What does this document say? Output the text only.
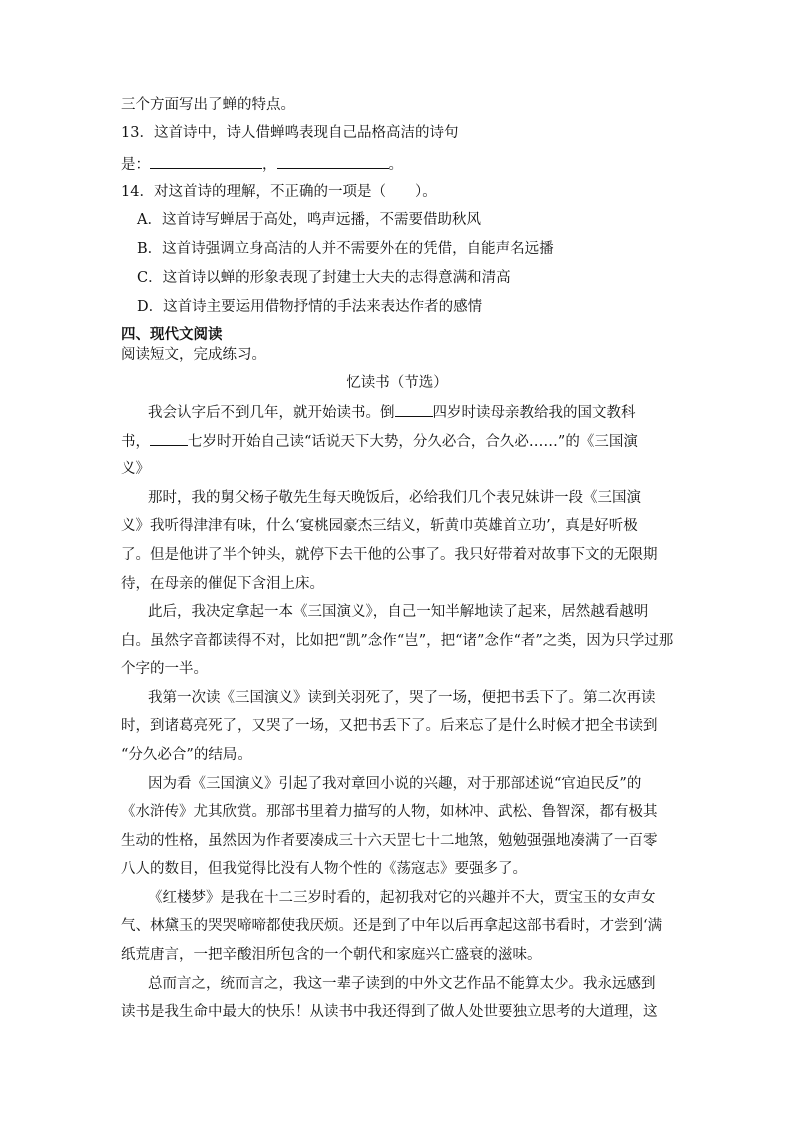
三个方面写出了蝉的特点。
13．这首诗中，诗人借蝉鸣表现自己品格高洁的诗句
是：	，	。
14．对这首诗的理解，不正确的一项是（　　）。
A．这首诗写蝉居于高处，鸣声远播，不需要借助秋风
B．这首诗强调立身高洁的人并不需要外在的凭借，自能声名远播
C．这首诗以蝉的形象表现了封建士大夫的志得意满和清高
D．这首诗主要运用借物抒情的手法来表达作者的感情
四、现代文阅读
阅读短文，完成练习。
忆读书（节选）
我会认字后不到几年，就开始读书。倒	四岁时读母亲教给我的国文教科
书，	七岁时开始自己读“话说天下大势，分久必合，合久必……”的《三国演
义》
那时，我的舅父杨子敬先生每天晚饭后，必给我们几个表兄妹讲一段《三国演
义》我听得津津有味，什么‘宴桃园豪杰三结义，斩黄巾英雄首立功’，真是好听极
了。但是他讲了半个钟头，就停下去干他的公事了。我只好带着对故事下文的无限期
待，在母亲的催促下含泪上床。
此后，我决定拿起一本《三国演义》，自己一知半解地读了起来，居然越看越明
白。虽然字音都读得不对，比如把“凯”念作“岂”，把“诸”念作“者”之类，因为只学过那
个字的一半。
我第一次读《三国演义》读到关羽死了，哭了一场，便把书丢下了。第二次再读
时，到诸葛亮死了，又哭了一场，又把书丢下了。后来忘了是什么时候才把全书读到
“分久必合”的结局。
因为看《三国演义》引起了我对章回小说的兴趣，对于那部述说“官迫民反”的
《水浒传》尤其欣赏。那部书里着力描写的人物，如林冲、武松、鲁智深，都有极其
生动的性格，虽然因为作者要凑成三十六天罡七十二地煞，勉勉强强地凑满了一百零
八人的数目，但我觉得比没有人物个性的《荡寇志》要强多了。
《红楼梦》是我在十二三岁时看的，起初我对它的兴趣并不大，贾宝玉的女声女
气、林黛玉的哭哭啼啼都使我厌烦。还是到了中年以后再拿起这部书看时，才尝到‘满
纸荒唐言，一把辛酸泪所包含的一个朝代和家庭兴亡盛衰的滋味。
总而言之，统而言之，我这一辈子读到的中外文艺作品不能算太少。我永远感到
读书是我生命中最大的快乐！从读书中我还得到了做人处世要独立思考的大道理，这
